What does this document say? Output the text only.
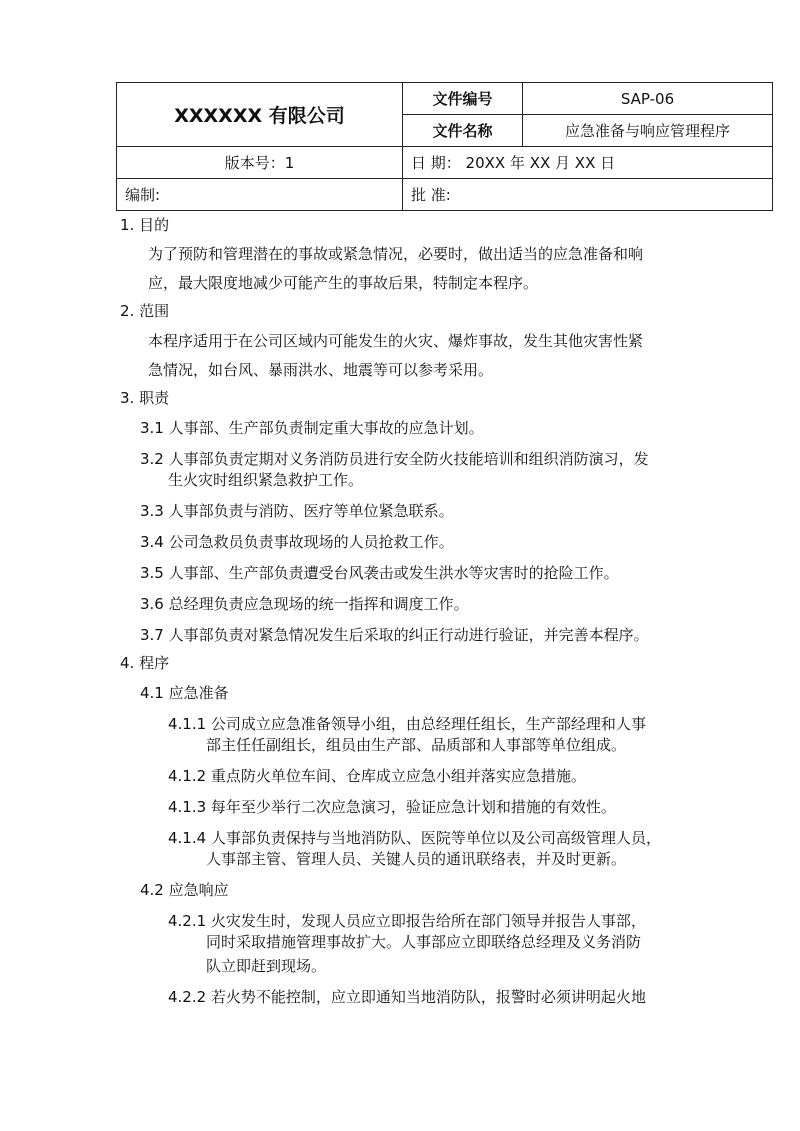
XXXXXX 有限公司	文件编号	SAP-06
	文件名称	应急准备与响应管理程序
版本号：1	日 期： 20XX 年 XX 月 XX 日	
编制:	批 准:	
1. 目的
为了预防和管理潜在的事故或紧急情况，必要时，做出适当的应急准备和响
应，最大限度地减少可能产生的事故后果，特制定本程序。
2. 范围
本程序适用于在公司区域内可能发生的火灾、爆炸事故，发生其他灾害性紧
急情况，如台风、暴雨洪水、地震等可以参考采用。
3. 职责
3.1 人事部、生产部负责制定重大事故的应急计划。
3.2 人事部负责定期对义务消防员进行安全防火技能培训和组织消防演习，发
生火灾时组织紧急救护工作。
3.3 人事部负责与消防、医疗等单位紧急联系。
3.4 公司急救员负责事故现场的人员抢救工作。
3.5 人事部、生产部负责遭受台风袭击或发生洪水等灾害时的抢险工作。
3.6 总经理负责应急现场的统一指挥和调度工作。
3.7 人事部负责对紧急情况发生后采取的纠正行动进行验证，并完善本程序。
4. 程序
4.1 应急准备
4.1.1 公司成立应急准备领导小组，由总经理任组长，生产部经理和人事
部主任任副组长，组员由生产部、品质部和人事部等单位组成。
4.1.2 重点防火单位车间、仓库成立应急小组并落实应急措施。
4.1.3 每年至少举行二次应急演习，验证应急计划和措施的有效性。
4.1.4 人事部负责保持与当地消防队、医院等单位以及公司高级管理人员，
人事部主管、管理人员、关键人员的通讯联络表，并及时更新。
4.2 应急响应
4.2.1 火灾发生时，发现人员应立即报告给所在部门领导并报告人事部，
同时采取措施管理事故扩大。人事部应立即联络总经理及义务消防
队立即赶到现场。
4.2.2 若火势不能控制，应立即通知当地消防队，报警时必须讲明起火地
